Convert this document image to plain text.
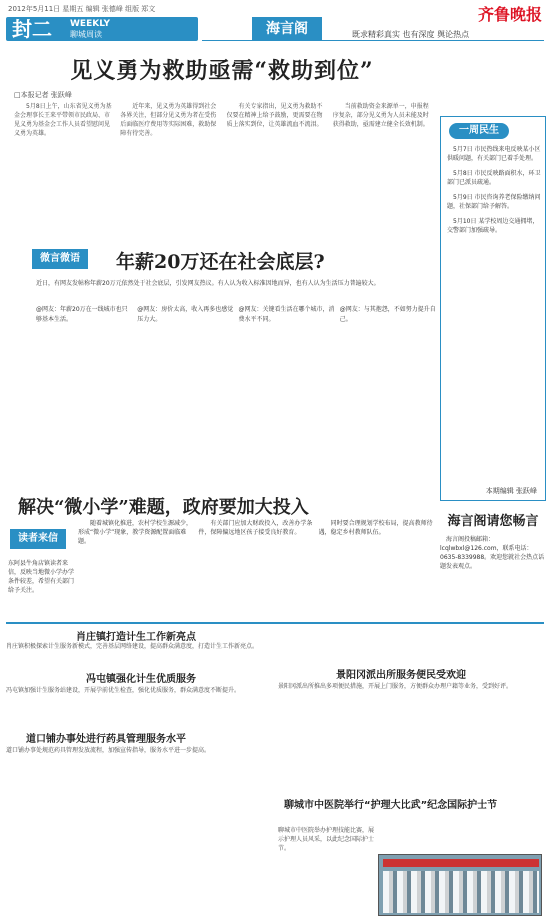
2012年5月11日 星期五 编辑 张德峰 组版 郑文	齐鲁晚报
封二 WEEKLY
聊城周读	海言阁	既求精彩真实 也有深度 舆论热点
见义勇为救助亟需“救助到位”
□本报记者 张跃峰
5月8日上午，山东省见义勇为基金会理事长王来平带领市民政局、市见义勇为基金会工作人员看望慰问见义勇为英雄。
近年来，见义勇为英雄得到社会各界关注，但部分见义勇为者在受伤后面临医疗费用等实际困难，救助保障有待完善。
有关专家指出，见义勇为救助不仅要在精神上给予鼓励，更需要在物质上落实到位，让英雄流血不流泪。
当前救助资金来源单一，申报程序复杂，部分见义勇为人员未能及时获得救助，亟需建立健全长效机制。
一周民生
5月7日 市民热线来电反映某小区供暖问题，有关部门已着手处理。
5月8日 市民反映路面积水，环卫部门已派员疏通。
5月9日 市民咨询养老保险缴纳问题，社保部门给予解答。
5月10日 某学校周边交通拥堵，交警部门加强疏导。
本期编辑 张跃峰
微言微语	年薪20万还在社会底层?
近日，有网友发帖称年薪20万元依然处于社会底层，引发网友热议。有人认为收入标准因地而异，也有人认为生活压力普遍较大。
@网友：年薪20万在一线城市也只够基本生活。
@网友：房价太高，收入再多也感觉压力大。
@网友：关键看生活在哪个城市，消费水平不同。
@网友：与其抱怨，不如努力提升自己。
解决“微小学”难题，政府要加大投入
读者来信
东阿县牛角店镇读者来信，反映当地微小学办学条件较差，希望有关部门给予关注。
随着城镇化推进，农村学校生源减少，形成“微小学”现象，教学资源配置面临难题。
有关部门应加大财政投入，改善办学条件，保障偏远地区孩子接受良好教育。
同时要合理规划学校布局，提高教师待遇，稳定乡村教师队伍。
海言阁请您畅言

海言阁投稿邮箱：lcqlwbxl@126.com，联系电话：0635-8339988。欢迎您就社会热点话题发表观点。

肖庄镇打造计生工作新亮点
肖庄镇积极探索计生服务新模式，完善基层网络建设，提高群众满意度，打造计生工作新亮点。
冯屯镇强化计生优质服务
冯屯镇加强计生服务站建设，开展孕前优生检查，强化优质服务，群众满意度不断提升。
道口铺办事处进行药具管理服务水平
道口铺办事处规范药具管理发放流程，加强宣传指导，服务水平进一步提高。
景阳冈派出所服务便民受欢迎
景阳冈派出所推出多项便民措施，开展上门服务，方便群众办理户籍等业务，受到好评。
聊城市中医院举行“护理大比武”纪念国际护士节
聊城市中医院举办护理技能比赛，展示护理人员风采，以此纪念国际护士节。
